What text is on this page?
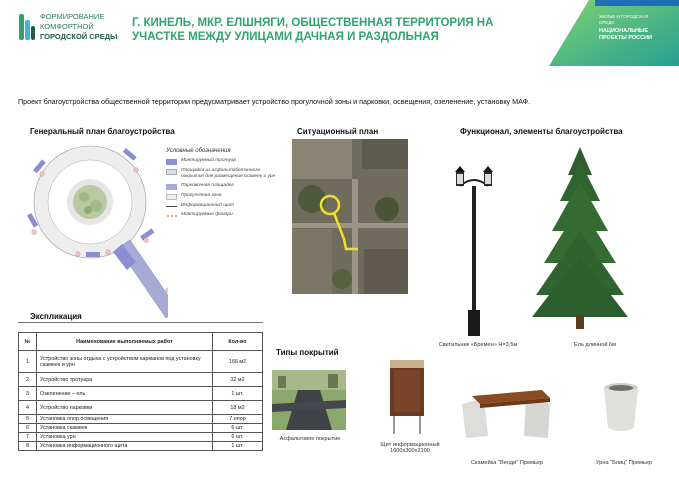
ФОРМИРОВАНИЕ
КОМФОРТНОЙ
ГОРОДСКОЙ СРЕДЫ
Г. КИНЕЛЬ, МКР. ЕЛШНЯГИ, ОБЩЕСТВЕННАЯ ТЕРРИТОРИЯ НА УЧАСТКЕ МЕЖДУ УЛИЦАМИ ДАЧНАЯ И РАЗДОЛЬНАЯ
ЖИЛЬЕ И ГОРОДСКАЯ СРЕДА
НАЦИОНАЛЬНЫЕ ПРОЕКТЫ РОССИИ
Проект благоустройства общественной территории предусматривает устройство прогулочной зоны и парковки, освещения, озеленение, установку МАФ.
Генеральный план благоустройства	Ситуационный план	Функционал, элементы благоустройства
Условные обозначения
Монтируемый тротуар
Площадка из асфальтобетонного покрытия для размещения скамеек и урн
Парковочная площадка
Прогулочная зона
Информационный щит
Монтируемые фонари
Светильник «Бремен» Н=3,5м	Ель длинной 6м
Экспликация
№	Наименование выполняемых работ	Кол-во
1	Устройство зоны отдыха с устройством карманов под установку скамеек и урн	166 м2
2	Устройство тротуара	32 м2
3	Озеленение – ель	1 шт.
4	Устройство парковки	18 м2
5	Установка опор освещения	7 опор
6	Установка скамеек	6 шт.
7	Установка урн	6 шт.
8	Установка информационного щита	1 шт.
Типы покрытий
Асфальтовое покрытие
Щит информационный
1600х300х2100
Скамейка "Венди" Премьер	Урна "Блиц" Премьер
